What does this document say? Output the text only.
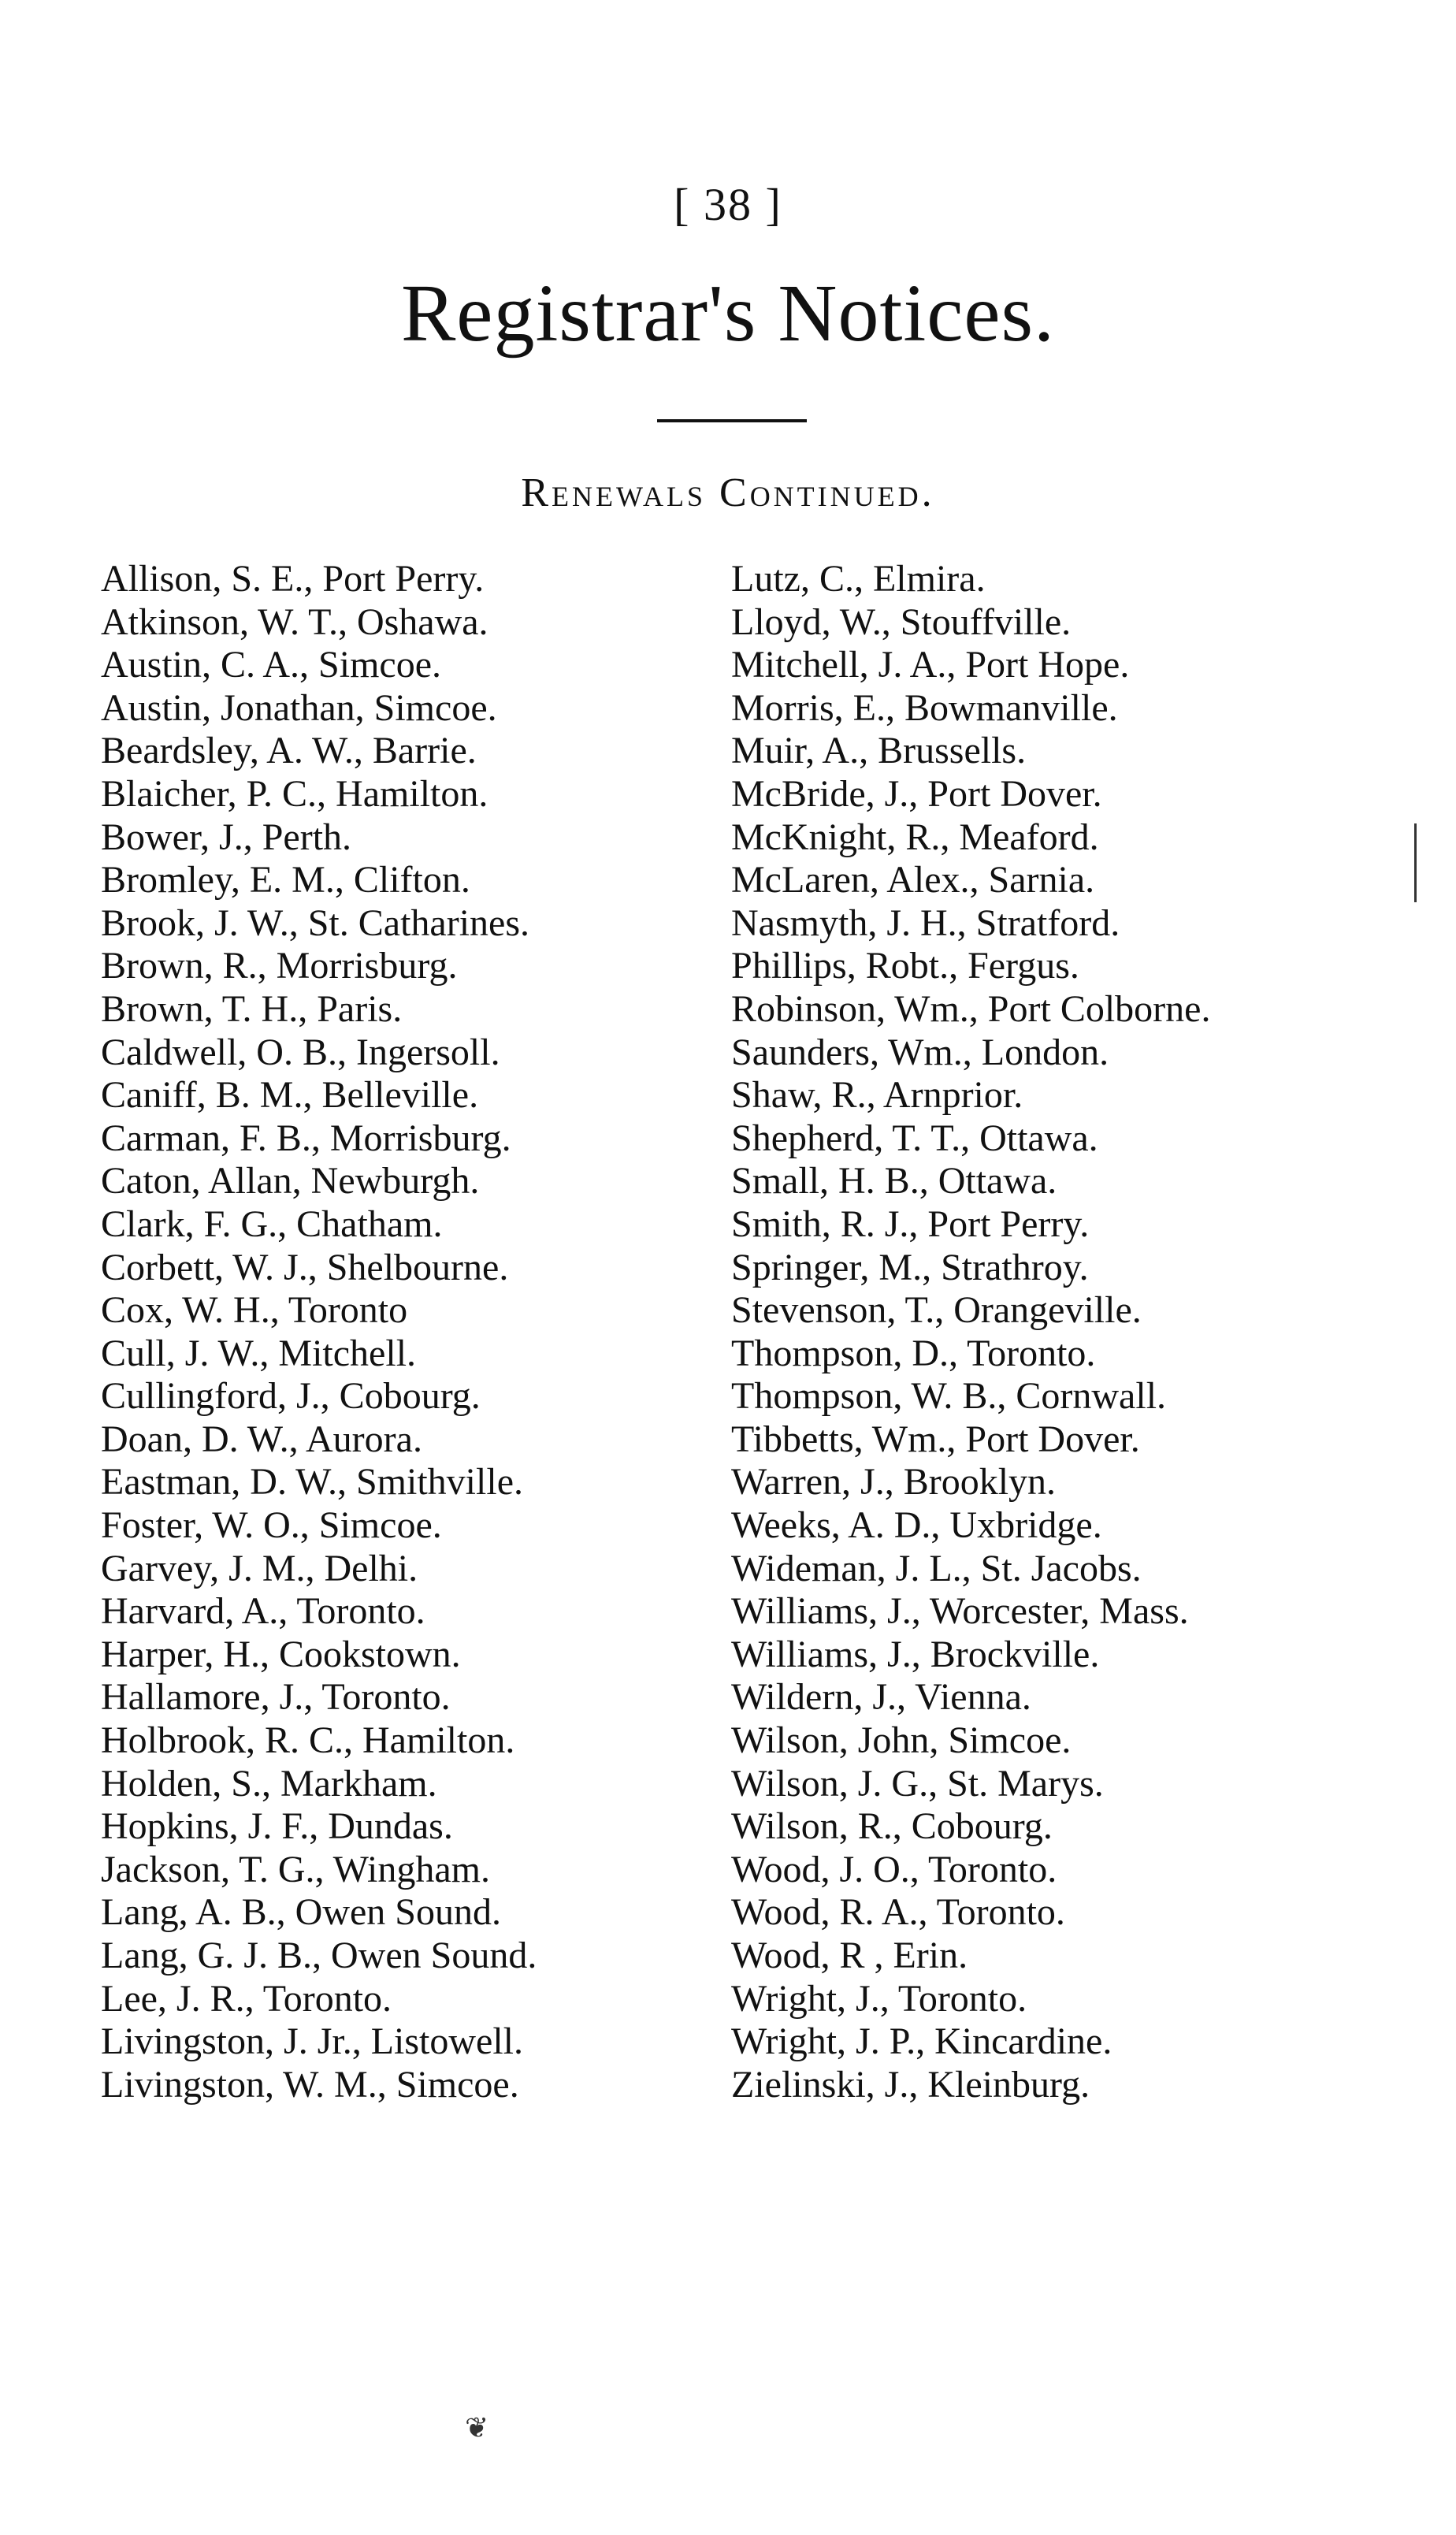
[ 38 ]
Registrar's Notices.
Renewals Continued.
Allison, S. E., Port Perry.
Atkinson, W. T., Oshawa.
Austin, C. A., Simcoe.
Austin, Jonathan, Simcoe.
Beardsley, A. W., Barrie.
Blaicher, P. C., Hamilton.
Bower, J., Perth.
Bromley, E. M., Clifton.
Brook, J. W., St. Catharines.
Brown, R., Morrisburg.
Brown, T. H., Paris.
Caldwell, O. B., Ingersoll.
Caniff, B. M., Belleville.
Carman, F. B., Morrisburg.
Caton, Allan, Newburgh.
Clark, F. G., Chatham.
Corbett, W. J., Shelbourne.
Cox, W. H., Toronto
Cull, J. W., Mitchell.
Cullingford, J., Cobourg.
Doan, D. W., Aurora.
Eastman, D. W., Smithville.
Foster, W. O., Simcoe.
Garvey, J. M., Delhi.
Harvard, A., Toronto.
Harper, H., Cookstown.
Hallamore, J., Toronto.
Holbrook, R. C., Hamilton.
Holden, S., Markham.
Hopkins, J. F., Dundas.
Jackson, T. G., Wingham.
Lang, A. B., Owen Sound.
Lang, G. J. B., Owen Sound.
Lee, J. R., Toronto.
Livingston, J. Jr., Listowell.
Livingston, W. M., Simcoe.
Lutz, C., Elmira.
Lloyd, W., Stouffville.
Mitchell, J. A., Port Hope.
Morris, E., Bowmanville.
Muir, A., Brussells.
McBride, J., Port Dover.
McKnight, R., Meaford.
McLaren, Alex., Sarnia.
Nasmyth, J. H., Stratford.
Phillips, Robt., Fergus.
Robinson, Wm., Port Colborne.
Saunders, Wm., London.
Shaw, R., Arnprior.
Shepherd, T. T., Ottawa.
Small, H. B., Ottawa.
Smith, R. J., Port Perry.
Springer, M., Strathroy.
Stevenson, T., Orangeville.
Thompson, D., Toronto.
Thompson, W. B., Cornwall.
Tibbetts, Wm., Port Dover.
Warren, J., Brooklyn.
Weeks, A. D., Uxbridge.
Wideman, J. L., St. Jacobs.
Williams, J., Worcester, Mass.
Williams, J., Brockville.
Wildern, J., Vienna.
Wilson, John, Simcoe.
Wilson, J. G., St. Marys.
Wilson, R., Cobourg.
Wood, J. O., Toronto.
Wood, R. A., Toronto.
Wood, R , Erin.
Wright, J., Toronto.
Wright, J. P., Kincardine.
Zielinski, J., Kleinburg.
❦
